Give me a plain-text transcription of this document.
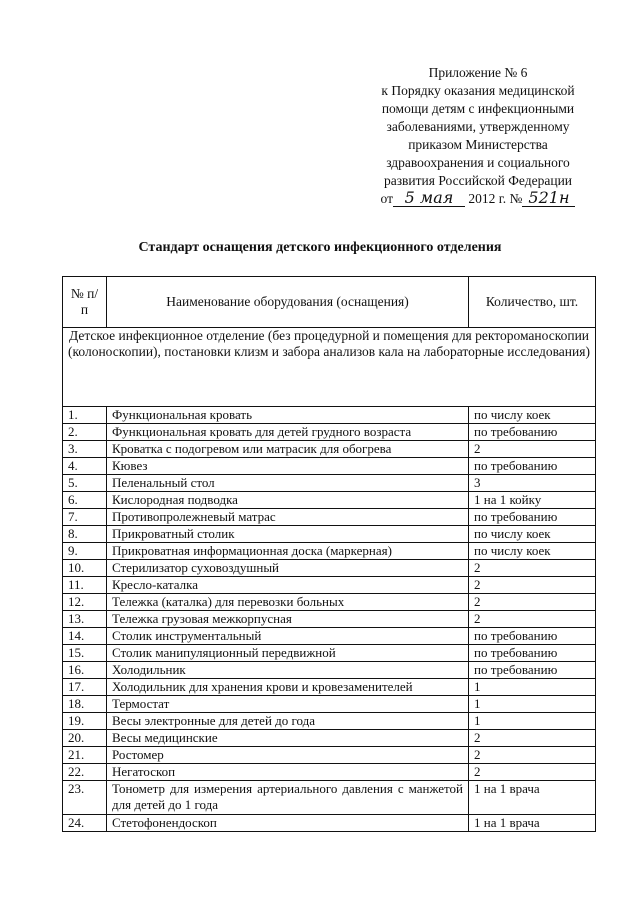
Приложение № 6
к Порядку оказания медицинской
помощи детям с инфекционными
заболеваниями, утвержденному
приказом Министерства
здравоохранения и социального
развития Российской Федерации
от 5 мая 2012 г. № 521н
Стандарт оснащения детского инфекционного отделения
№ п/п	Наименование оборудования (оснащения)	Количество, шт.
Детское инфекционное отделение (без процедурной и помещения для ректороманоскопии (колоноскопии), постановки клизм и забора анализов кала на лабораторные исследования)		
1.	Функциональная кровать	по числу коек
2.	Функциональная кровать для детей грудного возраста	по требованию
3.	Кроватка с подогревом или матрасик для обогрева	2
4.	Кювез	по требованию
5.	Пеленальный стол	3
6.	Кислородная подводка	1 на 1 койку
7.	Противопролежневый матрас	по требованию
8.	Прикроватный столик	по числу коек
9.	Прикроватная информационная доска (маркерная)	по числу коек
10.	Стерилизатор суховоздушный	2
11.	Кресло-каталка	2
12.	Тележка (каталка) для перевозки больных	2
13.	Тележка грузовая межкорпусная	2
14.	Столик инструментальный	по требованию
15.	Столик манипуляционный передвижной	по требованию
16.	Холодильник	по требованию
17.	Холодильник для хранения крови и кровезаменителей	1
18.	Термостат	1
19.	Весы электронные для детей до года	1
20.	Весы медицинские	2
21.	Ростомер	2
22.	Негатоскоп	2
23.	Тонометр для измерения артериального давления с манжетой для детей до 1 года	1 на 1 врача
24.	Стетофонендоскоп	1 на 1 врача
